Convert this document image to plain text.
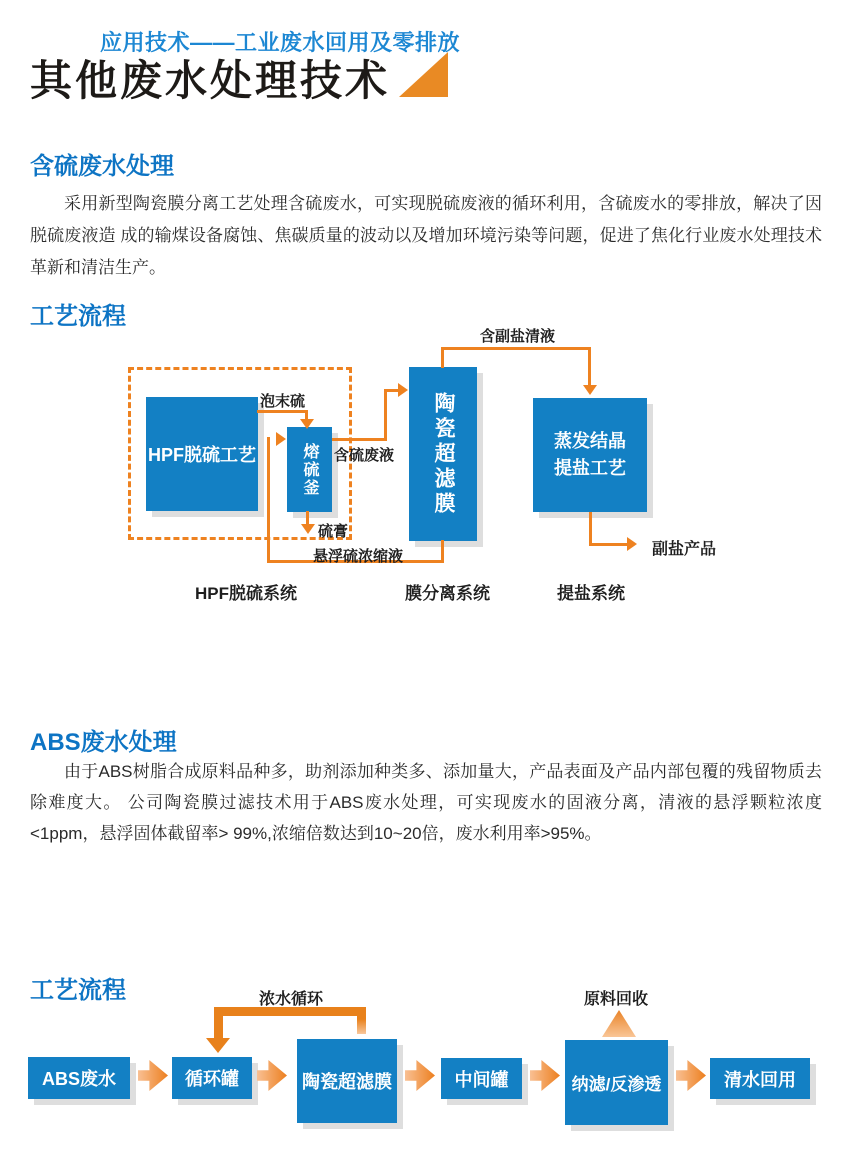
应用技术——工业废水回用及零排放
其他废水处理技术
含硫废水处理
采用新型陶瓷膜分离工艺处理含硫废水，可实现脱硫废液的循环利用，含硫废水的零排放，解决了因脱硫废液造 成的输煤设备腐蚀、焦碳质量的波动以及增加环境污染等问题，促进了焦化行业废水处理技术革新和清洁生产。
工艺流程
HPF脱硫工艺	熔硫釜	陶瓷超滤膜	蒸发结晶
提盐工艺
泡末硫
悬浮硫浓缩液
含硫废液
硫膏
含副盐清液
副盐产品
HPF脱硫系统	膜分离系统	提盐系统
ABS废水处理
由于ABS树脂合成原料品种多，助剂添加种类多、添加量大，产品表面及产品内部包覆的残留物质去除难度大。 公司陶瓷膜过滤技术用于ABS废水处理，可实现废水的固液分离，清液的悬浮颗粒浓度<1ppm，悬浮固体截留率> 99%,浓缩倍数达到10~20倍，废水利用率>95%。
工艺流程	浓水循环	原料回收
ABS废水	循环罐	陶瓷超滤膜	中间罐	纳滤/反渗透	清水回用
